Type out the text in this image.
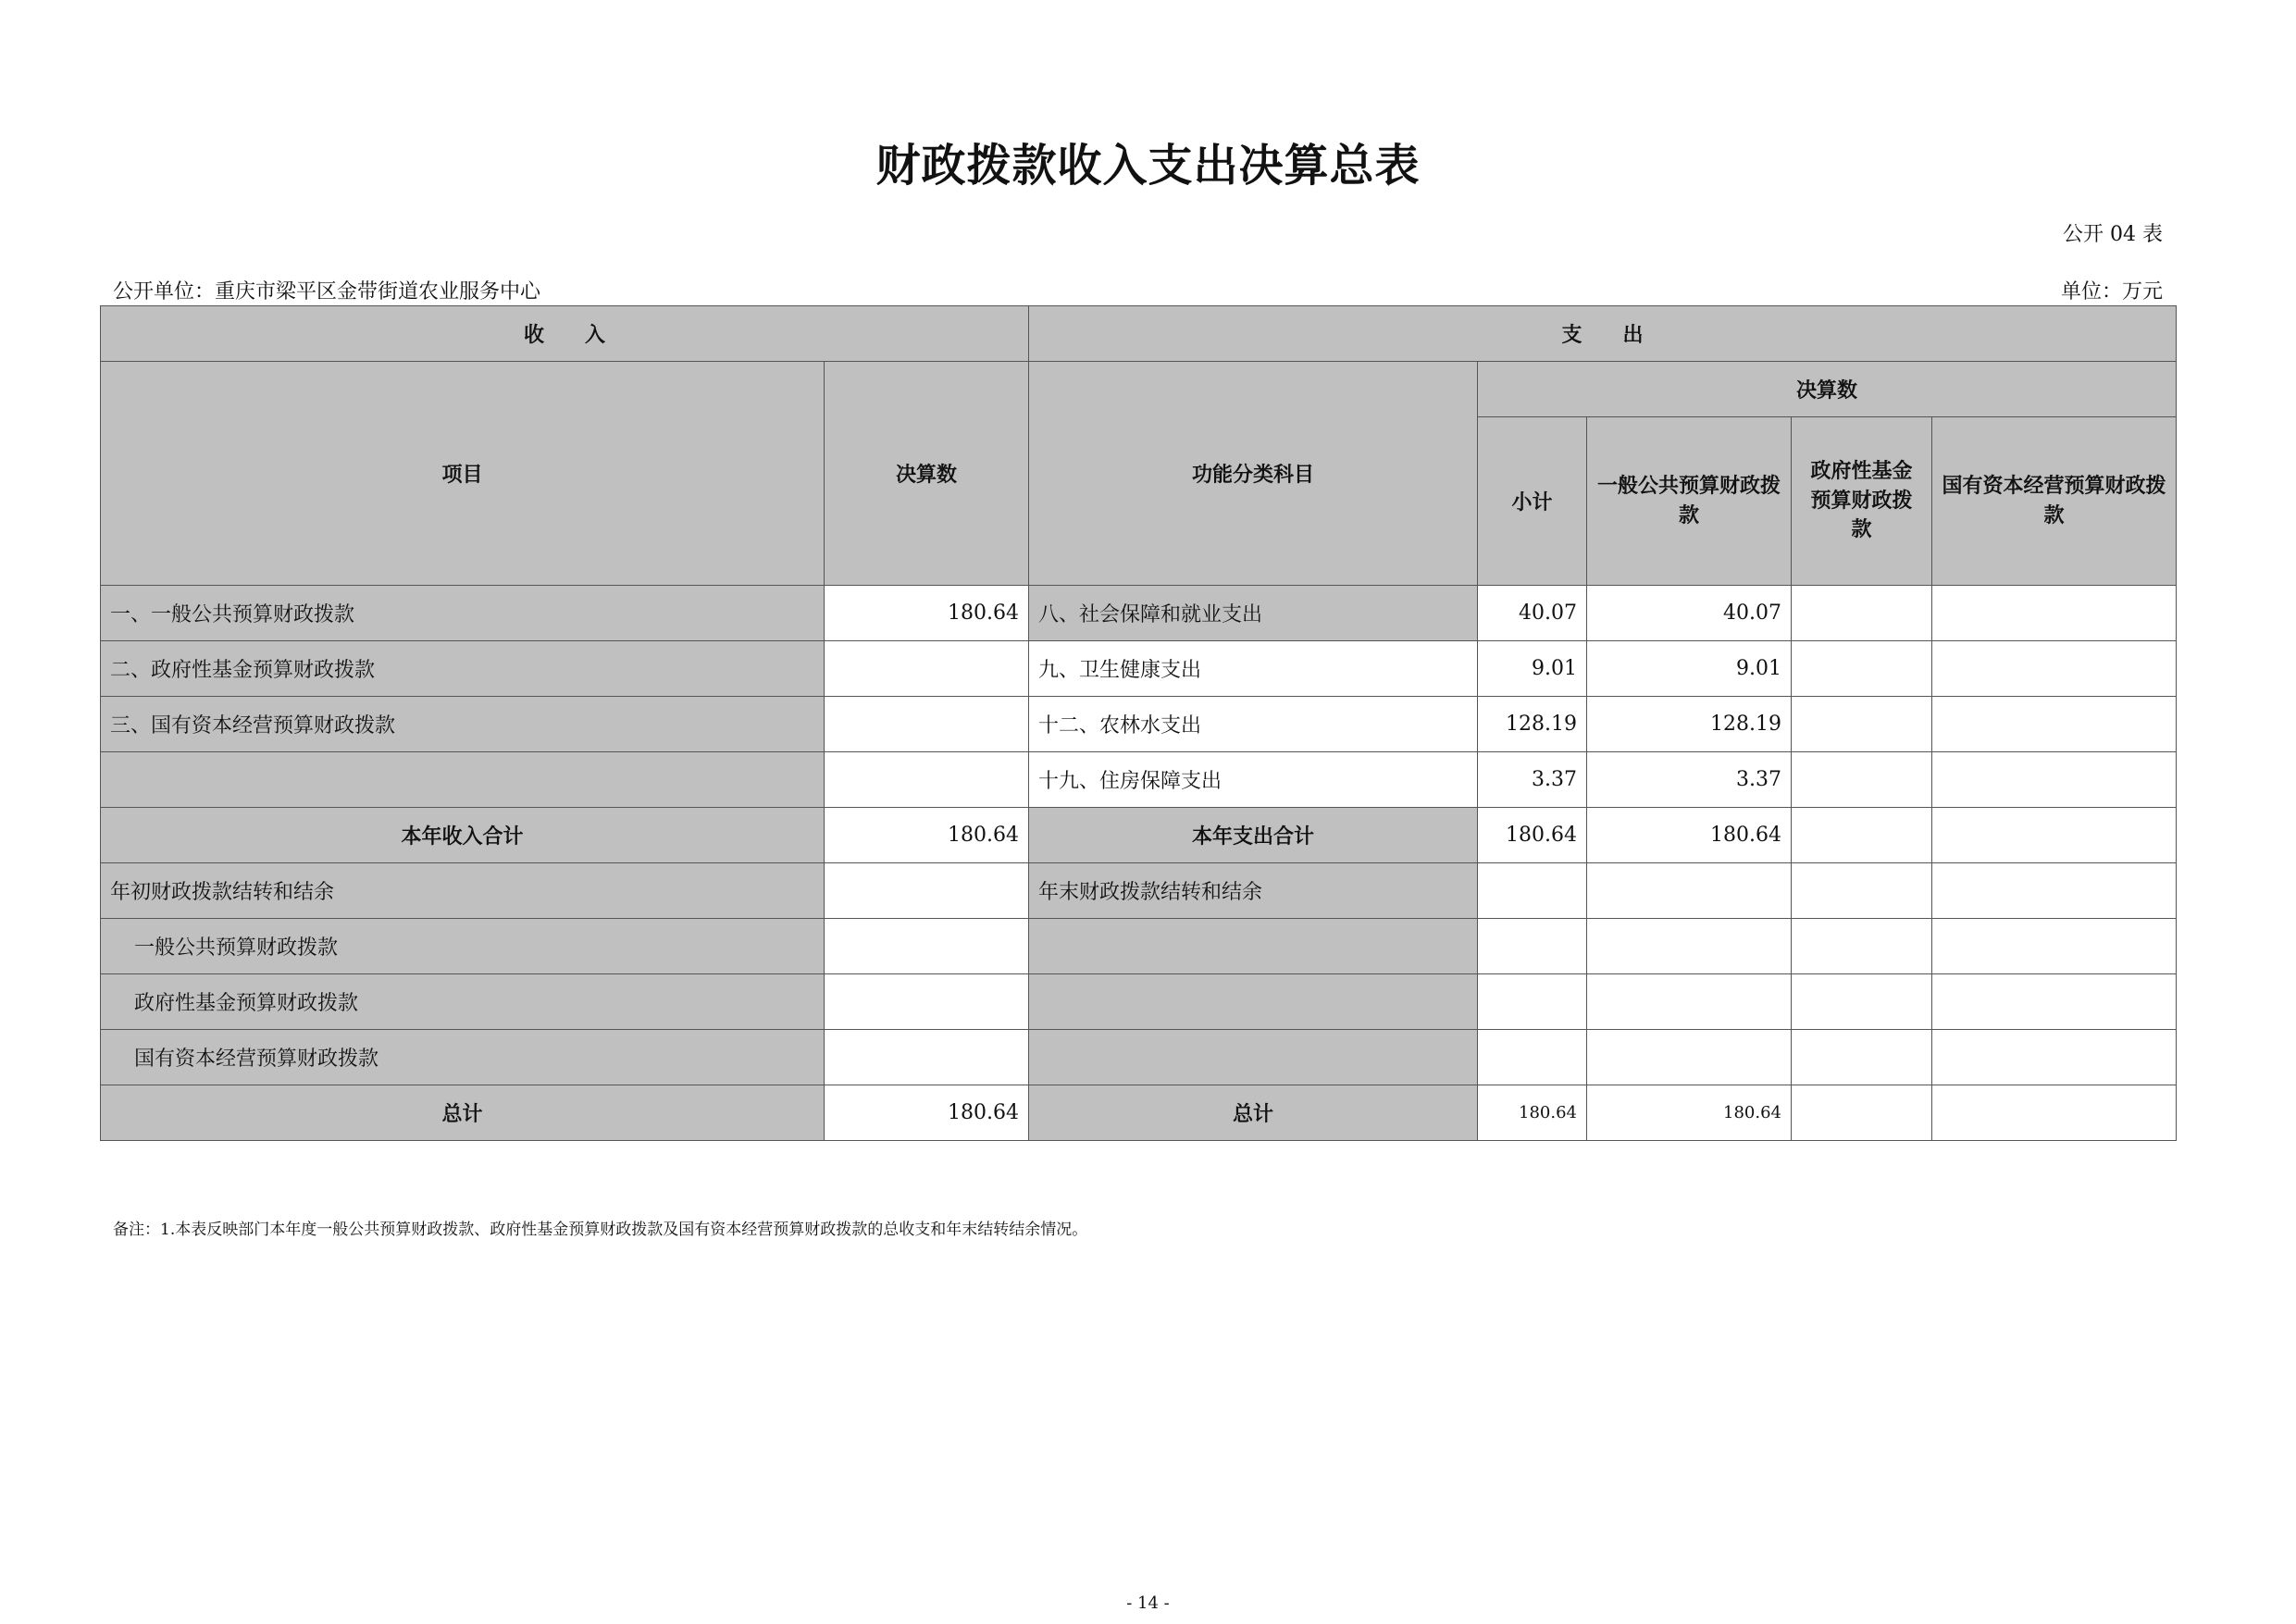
财政拨款收入支出决算总表
公开 04 表
公开单位：重庆市梁平区金带街道农业服务中心	单位：万元
收　　入		支　　出				
项目	决算数	功能分类科目	决算数			
			小计	一般公共预算财政拨款	政府性基金预算财政拨款	国有资本经营预算财政拨款
一、一般公共预算财政拨款	180.64	八、社会保障和就业支出	40.07	40.07		
二、政府性基金预算财政拨款		九、卫生健康支出	9.01	9.01		
三、国有资本经营预算财政拨款		十二、农林水支出	128.19	128.19		
		十九、住房保障支出	3.37	3.37		
本年收入合计	180.64	本年支出合计	180.64	180.64		
年初财政拨款结转和结余		年末财政拨款结转和结余				
一般公共预算财政拨款						
政府性基金预算财政拨款						
国有资本经营预算财政拨款						
总计	180.64	总计	180.64	180.64		
备注：1.本表反映部门本年度一般公共预算财政拨款、政府性基金预算财政拨款及国有资本经营预算财政拨款的总收支和年末结转结余情况。
- 14 -
